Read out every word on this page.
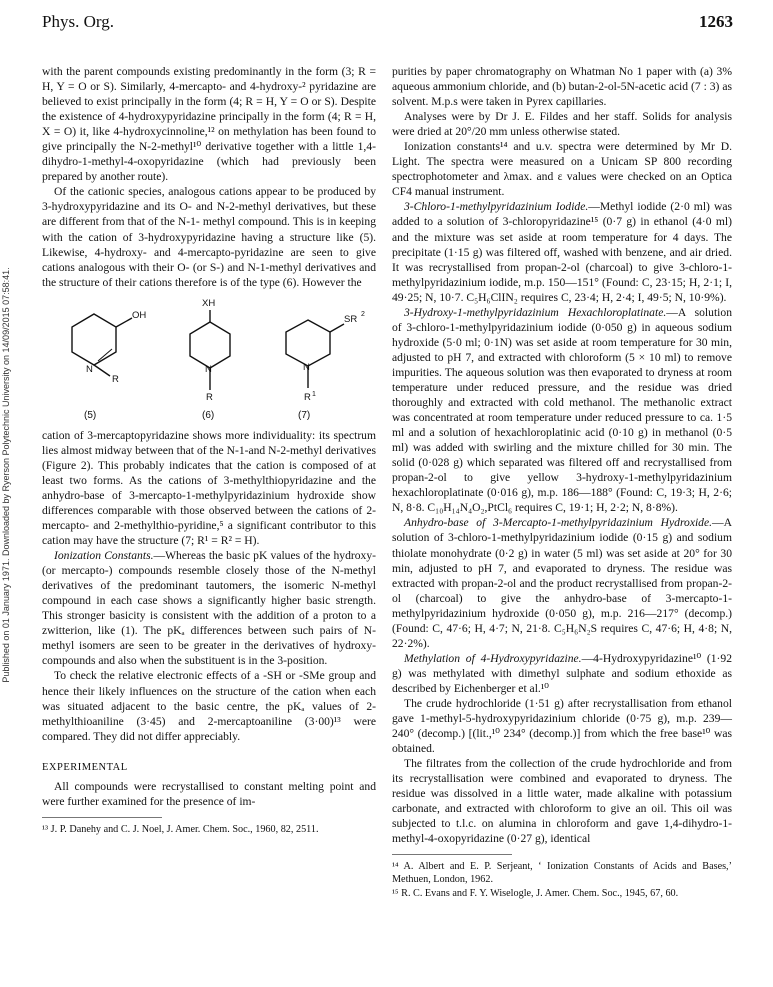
Published on 01 January 1971. Downloaded by Ryerson Polytechnic University on 14/09/2015 07:58:41.
Phys. Org.	1263

with the parent compounds existing predominantly in the form (3; R = H, Y = O or S). Similarly, 4-mercapto- and 4-hydroxy-² pyridazine are believed to exist principally in the form (4; R = H, Y = O or S). Despite the existence of 4-hydroxypyridazine principally in the form (4; R = H, X = O) it, like 4-hydroxycinnoline,¹² on methylation has been found to give principally the N-2-methyl¹⁰ derivative together with a little 1,4-dihydro-1-methyl-4-oxopyridazine (which had previously been prepared by another route).

Of the cationic species, analogous cations appear to be produced by 3-hydroxypyridazine and its O- and N-2-methyl derivatives, but these are different from that of the N-1- methyl compound. This is in keeping with the cation of 3-hydroxypyridazine having a structure like (5). Likewise, 4-hydroxy- and 4-mercapto-pyridazine are seen to give cations analogous with their O- (or S-) and N-1-methyl derivatives and the structure of their cations therefore is of the type (6). However the

OH
N
R
(5)
XH
N
R
(6)
SR 2
N
R 1
(7)

cation of 3-mercaptopyridazine shows more individuality: its spectrum lies almost midway between that of the N-1-and N-2-methyl derivatives (Figure 2). This probably indicates that the cation is composed of at least two forms. As the cations of 3-methylthiopyridazine and the anhydro-base of 3-mercapto-1-methylpyridazinium hydroxide show differences comparable with those observed between the cations of 2-mercapto- and 2-methylthio-pyridine,⁵ a significant contributor to this cation may have the structure (7; R¹ = R² = H).

Ionization Constants.—Whereas the basic pK values of the hydroxy- (or mercapto-) compounds resemble closely those of the N-methyl derivatives of the predominant tautomers, the isomeric N-methyl compound in each case shows a significantly higher basic strength. This stronger basicity is consistent with the addition of a proton to a zwitterion, like (1). The pKₐ differences between such pairs of N-methyl isomers are seen to be greater in the derivatives of hydroxy-compounds and also when the substituent is in the 3-position.

To check the relative electronic effects of a -SH or -SMe group and hence their likely influences on the structure of the cation when each was situated adjacent to the basic centre, the pKₐ values of 2-methylthioaniline (3·45) and 2-mercaptoaniline (3·00)¹³ were compared. They did not differ appreciably.

EXPERIMENTAL

All compounds were recrystallised to constant melting point and were further examined for the presence of im-

¹³ J. P. Danehy and C. J. Noel, J. Amer. Chem. Soc., 1960, 82, 2511.

purities by paper chromatography on Whatman No 1 paper with (a) 3% aqueous ammonium chloride, and (b) butan-2-ol-5N-acetic acid (7 : 3) as solvent. M.p.s were taken in Pyrex capillaries.

Analyses were by Dr J. E. Fildes and her staff. Solids for analysis were dried at 20°/20 mm unless otherwise stated.

Ionization constants¹⁴ and u.v. spectra were determined by Mr D. Light. The spectra were measured on a Unicam SP 800 recording spectrophotometer and λmax. and ε values were checked on an Optica CF4 manual instrument.

3-Chloro-1-methylpyridazinium Iodide.—Methyl iodide (2·0 ml) was added to a solution of 3-chloropyridazine¹⁵ (0·7 g) in ethanol (4·0 ml) and the mixture was set aside at room temperature for 4 days. The precipitate (1·15 g) was filtered off, washed with benzene, and air dried. It was recrystallised from propan-2-ol (charcoal) to give 3-chloro-1-methylpyridazinium iodide, m.p. 150—151° (Found: C, 23·15; H, 2·1; I, 49·25; N, 10·7. C₅H₆ClIN₂ requires C, 23·4; H, 2·4; I, 49·5; N, 10·9%).

3-Hydroxy-1-methylpyridazinium Hexachloroplatinate.—A solution of 3-chloro-1-methylpyridazinium iodide (0·050 g) in aqueous sodium hydroxide (5·0 ml; 0·1N) was set aside at room temperature for 30 min, adjusted to pH 7, and extracted with chloroform (5 × 10 ml) to remove impurities. The aqueous solution was then evaporated to dryness at room temperature under reduced pressure, and the residue was dried thoroughly and extracted with cold methanol. The methanolic extract was concentrated at room temperature under reduced pressure to ca. 1·5 ml and a solution of hexachloroplatinic acid (0·10 g) in methanol (0·5 ml) was added with swirling and the mixture chilled for 30 min. The solid (0·028 g) which separated was filtered off and recrystallised from propan-2-ol to give yellow 3-hydroxy-1-methylpyridazinium hexachloroplatinate (0·016 g), m.p. 186—188° (Found: C, 19·3; H, 2·6; N, 8·8. C₁₀H₁₄N₄O₂,PtCl₆ requires C, 19·1; H, 2·2; N, 8·8%).

Anhydro-base of 3-Mercapto-1-methylpyridazinium Hydroxide.—A solution of 3-chloro-1-methylpyridazinium iodide (0·15 g) and sodium thiolate monohydrate (0·2 g) in water (5 ml) was set aside at 20° for 30 min, adjusted to pH 7, and evaporated to dryness. The residue was extracted with propan-2-ol and the product recrystallised from propan-2-ol (charcoal) to give the anhydro-base of 3-mercapto-1-methylpyridazinium hydroxide (0·050 g), m.p. 216—217° (decomp.) (Found: C, 47·6; H, 4·7; N, 21·8. C₅H₆N₂S requires C, 47·6; H, 4·8; N, 22·2%).

Methylation of 4-Hydroxypyridazine.—4-Hydroxypyridazine¹⁰ (1·92 g) was methylated with dimethyl sulphate and sodium ethoxide as described by Eichenberger et al.¹⁰

The crude hydrochloride (1·51 g) after recrystallisation from ethanol gave 1-methyl-5-hydroxypyridazinium chloride (0·75 g), m.p. 239—240° (decomp.) [(lit.,¹⁰ 234° (decomp.)] from which the free base¹⁰ was obtained.

The filtrates from the collection of the crude hydrochloride and from its recrystallisation were combined and evaporated to dryness. The residue was dissolved in a little water, made alkaline with potassium carbonate, and extracted with chloroform to give an oil. This oil was subjected to t.l.c. on alumina in chloroform and gave 1,4-dihydro-1-methyl-4-oxopyridazine (0·27 g), identical

¹⁴ A. Albert and E. P. Serjeant, ‘ Ionization Constants of Acids and Bases,’ Methuen, London, 1962.

¹⁵ R. C. Evans and F. Y. Wiselogle, J. Amer. Chem. Soc., 1945, 67, 60.
